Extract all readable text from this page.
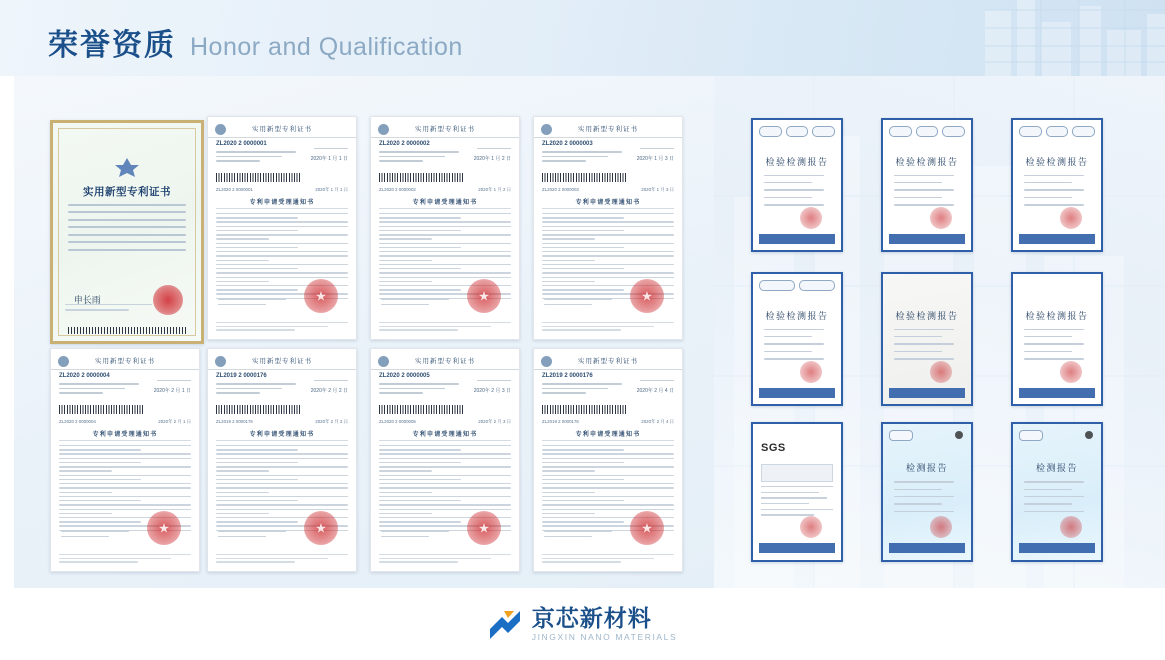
荣誉资质 Honor and Qualification
实用新型专利证书
申长雨
实用新型专利证书
ZL2020 2 0000001
2020年 1 月 1 日
ZL2020 2 0000001	2020年 1 月 1 日
专利申请受理通知书
★
实用新型专利证书
ZL2020 2 0000002
2020年 1 月 2 日
ZL2020 2 0000002	2020年 1 月 2 日
专利申请受理通知书
★
实用新型专利证书
ZL2020 2 0000003
2020年 1 月 3 日
ZL2020 2 0000003	2020年 1 月 3 日
专利申请受理通知书
★
实用新型专利证书
ZL2020 2 0000004
2020年 2 月 1 日
ZL2020 2 0000004	2020年 2 月 1 日
专利申请受理通知书
★
实用新型专利证书
ZL2019 2 0000176
2020年 2 月 2 日
ZL2019 2 0000176	2020年 2 月 2 日
专利申请受理通知书
★
实用新型专利证书
ZL2020 2 0000005
2020年 2 月 3 日
ZL2020 2 0000005	2020年 2 月 3 日
专利申请受理通知书
★
实用新型专利证书
ZL2019 2 0000176
2020年 2 月 4 日
ZL2019 2 0000176	2020年 2 月 4 日
专利申请受理通知书
★
检验检测报告	检验检测报告	检验检测报告
检验检测报告	检验检测报告	检验检测报告
SGS
检测报告	检测报告
京芯新材料
JINGXIN NANO MATERIALS
